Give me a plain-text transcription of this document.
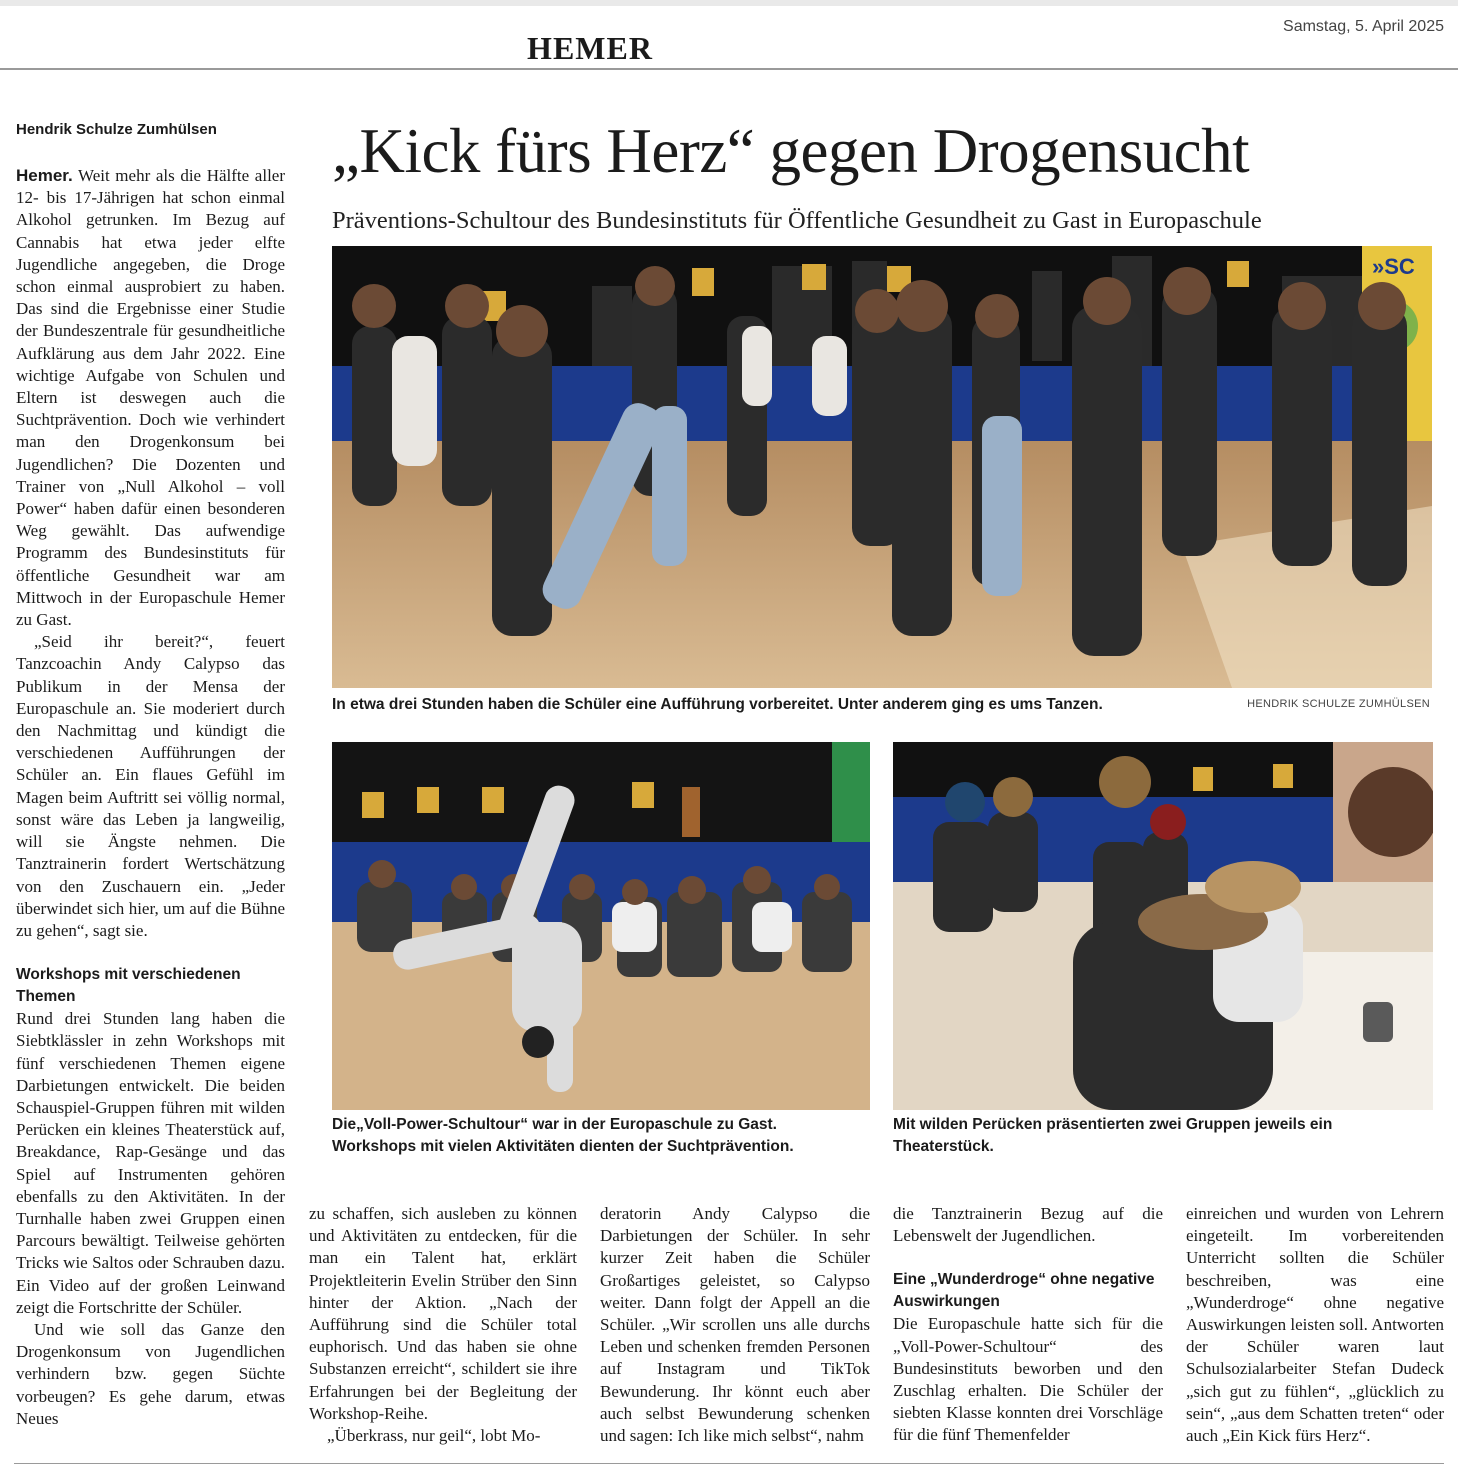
HEMER
Samstag, 5. April 2025
Hendrik Schulze Zumhülsen

Hemer. Weit mehr als die Hälfte aller 12- bis 17-Jährigen hat schon einmal Alkohol getrunken. Im Bezug auf Cannabis hat etwa jeder elfte Jugendliche angegeben, die Droge schon einmal ausprobiert zu haben. Das sind die Ergebnisse einer Studie der Bundeszentrale für gesundheitliche Aufklärung aus dem Jahr 2022. Eine wichtige Aufgabe von Schulen und Eltern ist deswegen auch die Suchtprävention. Doch wie verhindert man den Drogenkonsum bei Jugendlichen? Die Dozenten und Trainer von „Null Alkohol – voll Power“ haben dafür einen besonderen Weg gewählt. Das aufwendige Programm des Bundesinstituts für öffentliche Gesundheit war am Mittwoch in der Europaschule Hemer zu Gast.

„Seid ihr bereit?“, feuert Tanzcoachin Andy Calypso das Publikum in der Mensa der Europaschule an. Sie moderiert durch den Nachmittag und kündigt die verschiedenen Aufführungen der Schüler an. Ein flaues Gefühl im Magen beim Auftritt sei völlig normal, sonst wäre das Leben ja langweilig, will sie Ängste nehmen. Die Tanztrainerin fordert Wertschätzung von den Zuschauern ein. „Jeder überwindet sich hier, um auf die Bühne zu gehen“, sagt sie.

Workshops mit verschiedenen Themen

Rund drei Stunden lang haben die Siebtklässler in zehn Workshops mit fünf verschiedenen Themen eigene Darbietungen entwickelt. Die beiden Schauspiel-Gruppen führen mit wilden Perücken ein kleines Theaterstück auf, Breakdance, Rap-Gesänge und das Spiel auf Instrumenten gehören ebenfalls zu den Aktivitäten. In der Turnhalle haben zwei Gruppen einen Parcours bewältigt. Teilweise gehörten Tricks wie Saltos oder Schrauben dazu. Ein Video auf der großen Leinwand zeigt die Fortschritte der Schüler.

Und wie soll das Ganze den Drogenkonsum von Jugendlichen verhindern bzw. gegen Süchte vorbeugen? Es gehe darum, etwas Neues

„Kick fürs Herz“ gegen Drogensucht
Präventions-Schultour des Bundesinstituts für Öffentliche Gesundheit zu Gast in Europaschule
»SC
In etwa drei Stunden haben die Schüler eine Aufführung vorbereitet. Unter anderem ging es ums Tanzen.	HENDRIK SCHULZE ZUMHÜLSEN
Die„Voll-Power-Schultour“ war in der Europaschule zu Gast. Workshops mit vielen Aktivitäten dienten der Suchtprävention.
Mit wilden Perücken präsentierten zwei Gruppen jeweils ein Theaterstück.

zu schaffen, sich ausleben zu können und Aktivitäten zu entdecken, für die man ein Talent hat, erklärt Projektleiterin Evelin Strüber den Sinn hinter der Aktion. „Nach der Aufführung sind die Schüler total euphorisch. Und das haben sie ohne Substanzen erreicht“, schildert sie ihre Erfahrungen bei der Begleitung der Workshop-Reihe.

„Überkrass, nur geil“, lobt Mo-

deratorin Andy Calypso die Darbietungen der Schüler. In sehr kurzer Zeit haben die Schüler Großartiges geleistet, so Calypso weiter. Dann folgt der Appell an die Schüler. „Wir scrollen uns alle durchs Leben und schenken fremden Personen auf Instagram und TikTok Bewunderung. Ihr könnt euch aber auch selbst Bewunderung schenken und sagen: Ich like mich selbst“, nahm

die Tanztrainerin Bezug auf die Lebenswelt der Jugendlichen.

Eine „Wunderdroge“ ohne negative Auswirkungen

Die Europaschule hatte sich für die „Voll-Power-Schultour“ des Bundesinstituts beworben und den Zuschlag erhalten. Die Schüler der siebten Klasse konnten drei Vorschläge für die fünf Themenfelder

einreichen und wurden von Lehrern eingeteilt. Im vorbereitenden Unterricht sollten die Schüler beschreiben, was eine „Wunderdroge“ ohne negative Auswirkungen leisten soll. Antworten der Schüler waren laut Schulsozialarbeiter Stefan Dudeck „sich gut zu fühlen“, „glücklich zu sein“, „aus dem Schatten treten“ oder auch „Ein Kick fürs Herz“.
